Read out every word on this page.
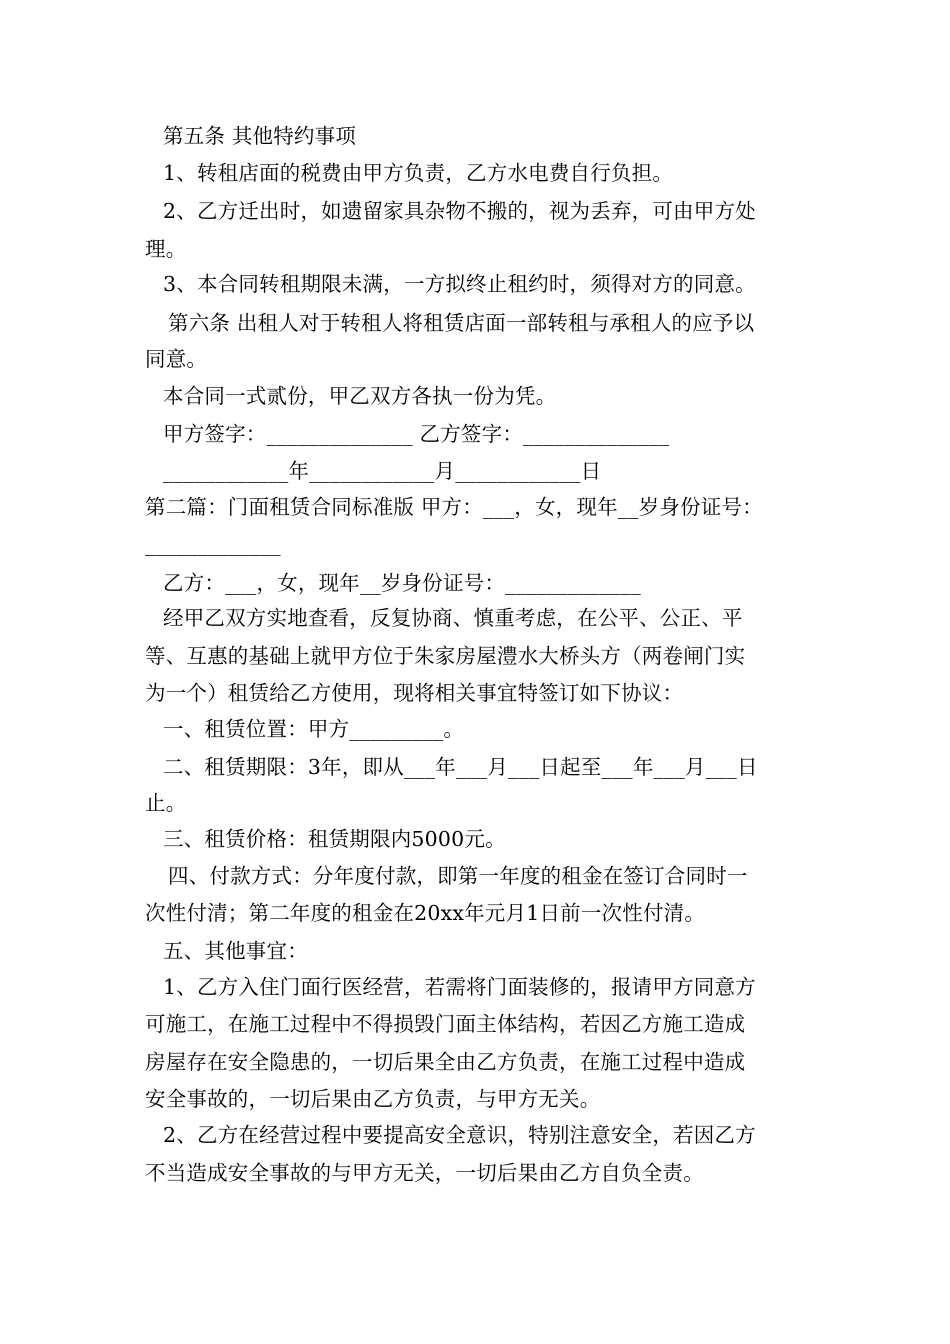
第五条 其他特约事项
1、转租店面的税费由甲方负责，乙方水电费自行负担。
2、乙方迁出时，如遗留家具杂物不搬的，视为丢弃，可由甲方处
理。
3、本合同转租期限未满，一方拟终止租约时，须得对方的同意。
第六条 出租人对于转租人将租赁店面一部转租与承租人的应予以
同意。
本合同一式贰份，甲乙双方各执一份为凭。
甲方签字：______________ 乙方签字：______________
____________年____________月____________日
第二篇：门面租赁合同标准版 甲方：___，女，现年__岁身份证号：
_____________
乙方：___，女，现年__岁身份证号：_____________
经甲乙双方实地查看，反复协商、慎重考虑，在公平、公正、平
等、互惠的基础上就甲方位于朱家房屋澧水大桥头方（两卷闸门实
为一个）租赁给乙方使用，现将相关事宜特签订如下协议：
一、租赁位置：甲方_________。
二、租赁期限：3年，即从___年___月___日起至___年___月___日
止。
三、租赁价格：租赁期限内5000元。
四、付款方式：分年度付款，即第一年度的租金在签订合同时一
次性付清；第二年度的租金在20xx年元月1日前一次性付清。
五、其他事宜：
1、乙方入住门面行医经营，若需将门面装修的，报请甲方同意方
可施工，在施工过程中不得损毁门面主体结构，若因乙方施工造成
房屋存在安全隐患的，一切后果全由乙方负责，在施工过程中造成
安全事故的，一切后果由乙方负责，与甲方无关。
2、乙方在经营过程中要提高安全意识，特别注意安全，若因乙方
不当造成安全事故的与甲方无关，一切后果由乙方自负全责。
